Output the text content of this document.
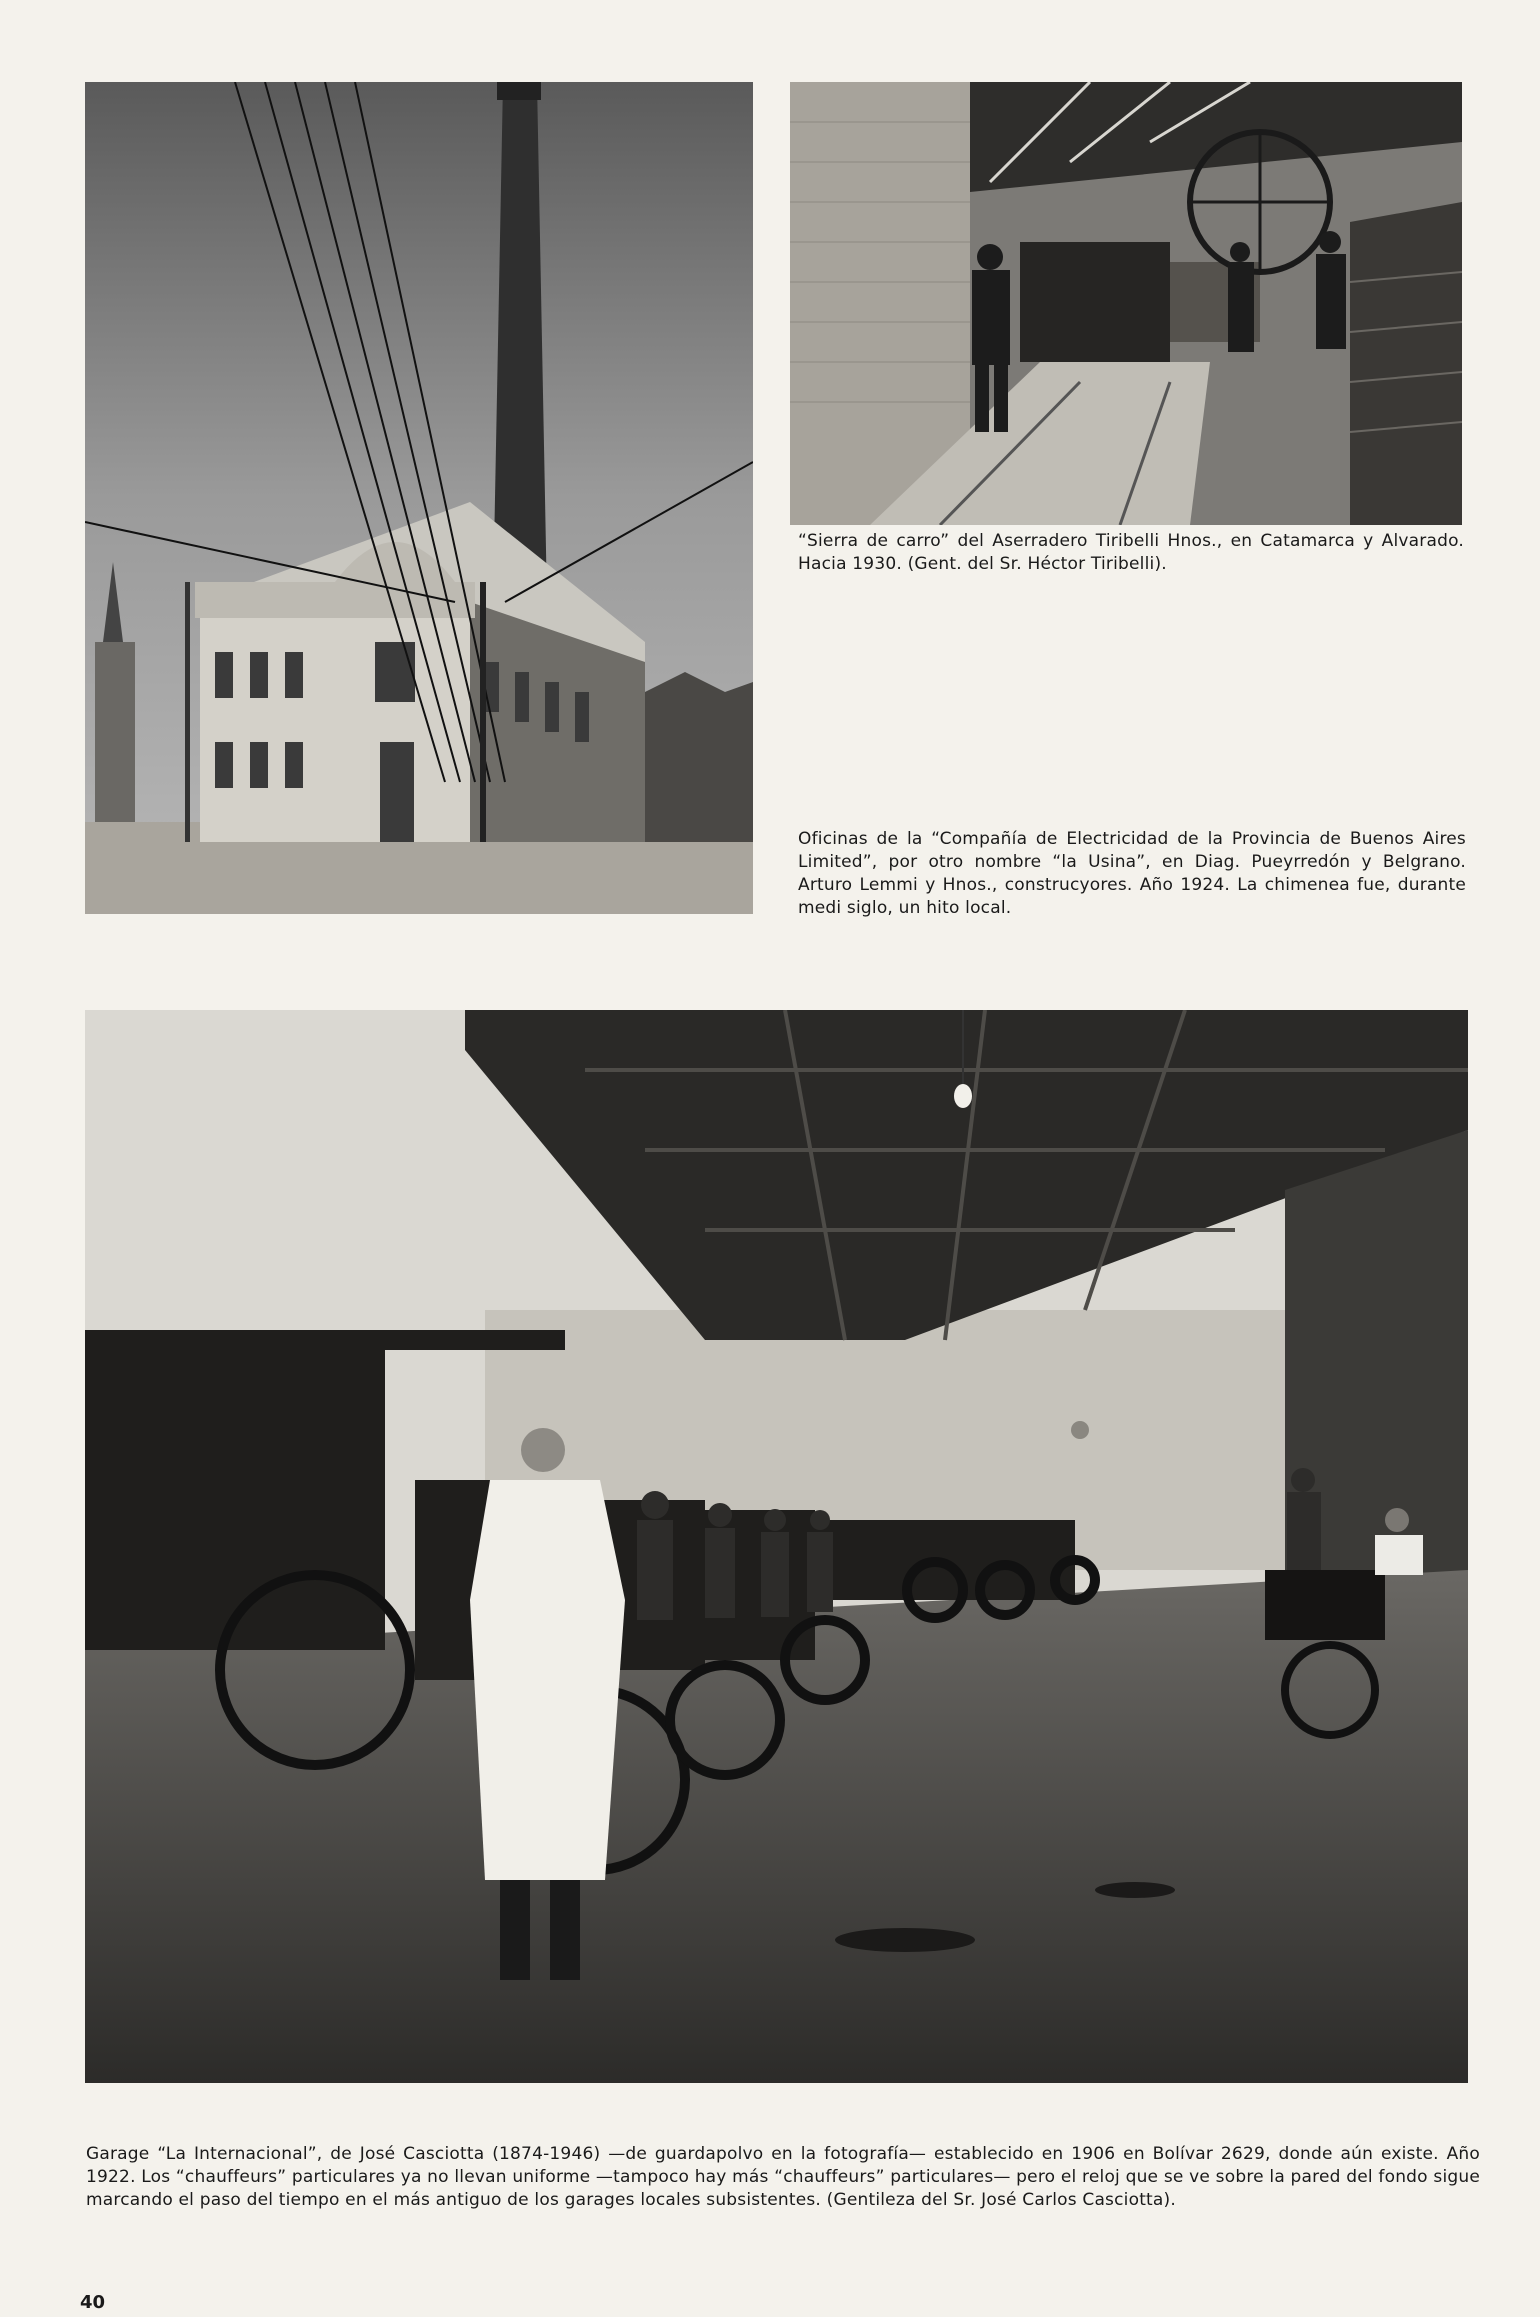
“Sierra de carro” del Aserradero Tiribelli Hnos., en Catamarca y Alvarado. Hacia 1930. (Gent. del Sr. Héctor Tiribelli).
Oficinas de la “Compañía de Electricidad de la Provincia de Buenos Aires Limited”, por otro nombre “la Usina”, en Diag. Pueyrredón y Belgrano. Arturo Lemmi y Hnos., construcyores. Año 1924. La chimenea fue, durante medi siglo, un hito local.
Garage “La Internacional”, de José Casciotta (1874-1946) —de guardapolvo en la fotografía— establecido en 1906 en Bolívar 2629, donde aún existe. Año 1922. Los “chauffeurs” particulares ya no llevan uniforme —tampoco hay más “chauffeurs” particulares— pero el reloj que se ve sobre la pared del fondo sigue marcando el paso del tiempo en el más antiguo de los garages locales subsistentes. (Gentileza del Sr. José Carlos Casciotta).
40
